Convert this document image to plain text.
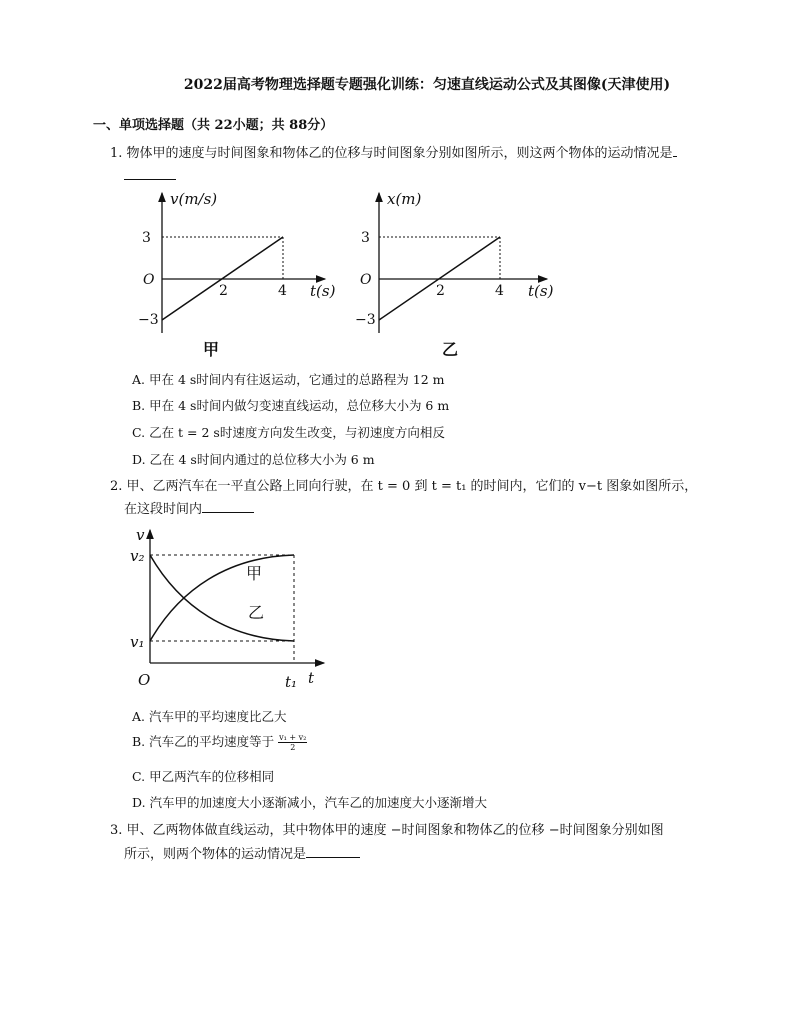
2022届高考物理选择题专题强化训练：匀速直线运动公式及其图像(天津使用)
一、单项选择题（共 22小题；共 88分）
1. 物体甲的速度与时间图象和物体乙的位移与时间图象分别如图所示，则这两个物体的运动情况是
v(m/s)
3
O
−3
2	4 t(s)
甲
x(m)
3
O
−3
2	4 t(s)
乙
A. 甲在 4 s时间内有往返运动，它通过的总路程为 12 m
B. 甲在 4 s时间内做匀变速直线运动，总位移大小为 6 m
C. 乙在 t = 2 s时速度方向发生改变，与初速度方向相反
D. 乙在 4 s时间内通过的总位移大小为 6 m
2. 甲、乙两汽车在一平直公路上同向行驶，在 t = 0 到 t = t₁ 的时间内，它们的 v−t 图象如图所示，
在这段时间内
v
v₂
v₁
O	t₁ t
甲
乙
A. 汽车甲的平均速度比乙大
B. 汽车乙的平均速度等于 $\frac{\text{v₁ + v₂}}{2}$
C. 甲乙两汽车的位移相同
D. 汽车甲的加速度大小逐渐减小，汽车乙的加速度大小逐渐增大
3. 甲、乙两物体做直线运动，其中物体甲的速度 −时间图象和物体乙的位移 −时间图象分别如图
所示，则两个物体的运动情况是
